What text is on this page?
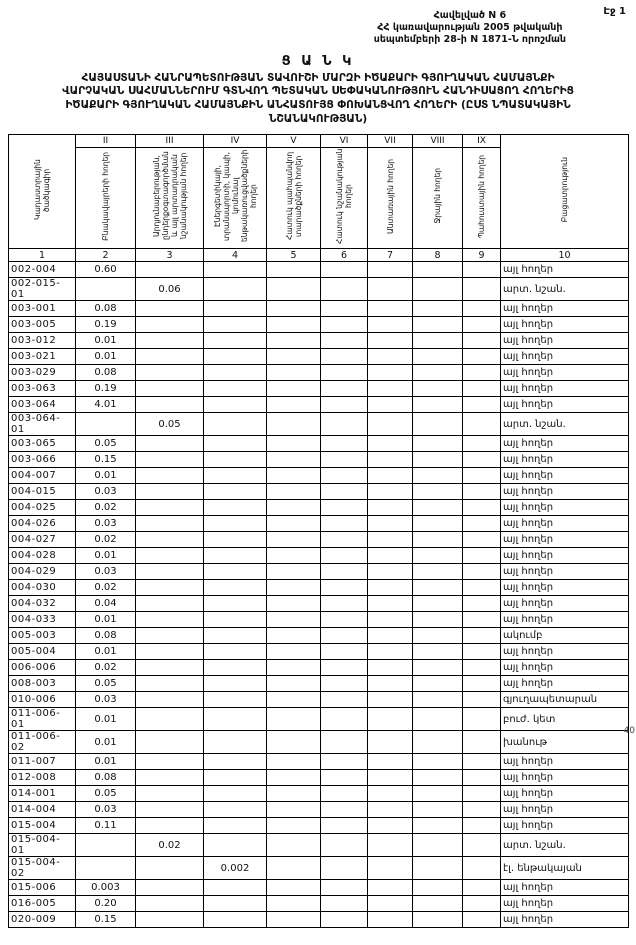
Էջ 1
Հավելված N 6
ՀՀ կառավարության 2005 թվականի
սեպտեմբերի 28-ի N 1871-Ն որոշման
Ց Ա Ն Կ
ՀԱՅԱՍՏԱՆԻ ՀԱՆՐԱՊԵՏՈՒԹՅԱՆ ՏԱՎՈՒՇԻ ՄԱՐԶԻ ԻԾԱՔԱՐԻ ԳՅՈՒՂԱԿԱՆ ՀԱՄԱՅՆՔԻ
ՎԱՐՉԱԿԱՆ ՍԱՀՄԱՆՆԵՐՈՒՄ ԳՏՆՎՈՂ ՊԵՏԱԿԱՆ ՍԵՓԱԿԱՆՈՒԹՅՈՒՆ ՀԱՆԴԻՍԱՑՈՂ ՀՈՂԵՐԻՑ
ԻԾԱՔԱՐԻ ԳՅՈՒՂԱԿԱՆ ՀԱՄԱՅՆՔԻՆ ԱՆՀԱՏՈՒՅՑ ՓՈԽԱՆՑՎՈՂ ՀՈՂԵՐԻ (ԸՍՏ ՆՊԱՏԱԿԱՅԻՆ
ՆՇԱՆԱԿՈՒԹՅԱՆ)
Կադաստրային ծածկագիր	II	III	IV	V	VI	VII	VIII	IX	Բացատրություն
	Բնակավայրերի հողեր	Արդյունաբերության, ընդերքօգտագործման և այլ արտադրական նշանակության հողեր	Էներգետիկայի, տրանսպորտի, կապի, կոմունալ ենթակառուցվածքների հողեր	Հատուկ պահպանվող տարածքների հողեր	Հատուկ նշանակության հողեր	Անտառային հողեր	Ջրային հողեր	Պահուստային հողեր	
1	2	3	4	5	6	7	8	9	10
002-004	0.60								այլ հողեր
002-015-01		0.06							արտ. նշան.
003-001	0.08								այլ հողեր
003-005	0.19								այլ հողեր
003-012	0.01								այլ հողեր
003-021	0.01								այլ հողեր
003-029	0.08								այլ հողեր
003-063	0.19								այլ հողեր
003-064	4.01								այլ հողեր
003-064-01		0.05							արտ. նշան.
003-065	0.05								այլ հողեր
003-066	0.15								այլ հողեր
004-007	0.01								այլ հողեր
004-015	0.03								այլ հողեր
004-025	0.02								այլ հողեր
004-026	0.03								այլ հողեր
004-027	0.02								այլ հողեր
004-028	0.01								այլ հողեր
004-029	0.03								այլ հողեր
004-030	0.02								այլ հողեր
004-032	0.04								այլ հողեր
004-033	0.01								այլ հողեր
005-003	0.08								ակումբ
005-004	0.01								այլ հողեր
006-006	0.02								այլ հողեր
008-003	0.05								այլ հողեր
010-006	0.03								գյուղապետարան
011-006-01	0.01								բուժ. կետ
011-006-02	0.01								խանութ
011-007	0.01								այլ հողեր
012-008	0.08								այլ հողեր
014-001	0.05								այլ հողեր
014-004	0.03								այլ հողեր
015-004	0.11								այլ հողեր
015-004-01		0.02							արտ. նշան.
015-004-02			0.002						էլ. ենթակայան
015-006	0.003								այլ հողեր
016-005	0.20								այլ հողեր
020-009	0.15								այլ հողեր
40
